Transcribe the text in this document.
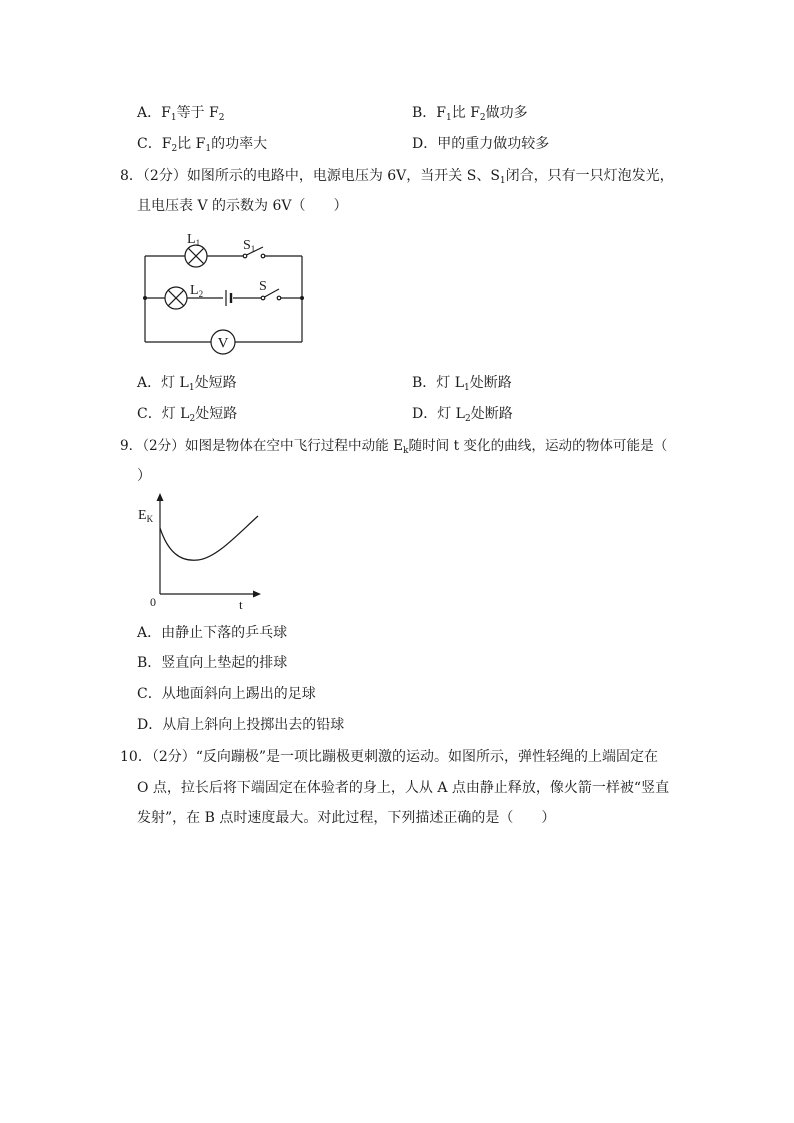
A．$F_1$等于 $F_2$	B．$F_1$比 $F_2$做功多
C．$F_2$比 $F_1$的功率大	D．甲的重力做功较多
8．（2分）如图所示的电路中，电源电压为 6V，当开关 S、$S_1$闭合，只有一只灯泡发光，
且电压表 V 的示数为 6V（　　）
V
$L_1$	$S_1$
$L_2$	S
A．灯 $L_1$处短路	B．灯 $L_1$处断路
C．灯 $L_2$处短路	D．灯 $L_2$处断路
9．（2分）如图是物体在空中飞行过程中动能 $E_k$随时间 t 变化的曲线，运动的物体可能是（
）
$E_K$
0	t
A．由静止下落的乒乓球
B．竖直向上垫起的排球
C．从地面斜向上踢出的足球
D．从肩上斜向上投掷出去的铅球
10．（2分）“反向蹦极”是一项比蹦极更刺激的运动。如图所示，弹性轻绳的上端固定在
O 点，拉长后将下端固定在体验者的身上，人从 A 点由静止释放，像火箭一样被“竖直
发射”，在 B 点时速度最大。对此过程，下列描述正确的是（　　）
